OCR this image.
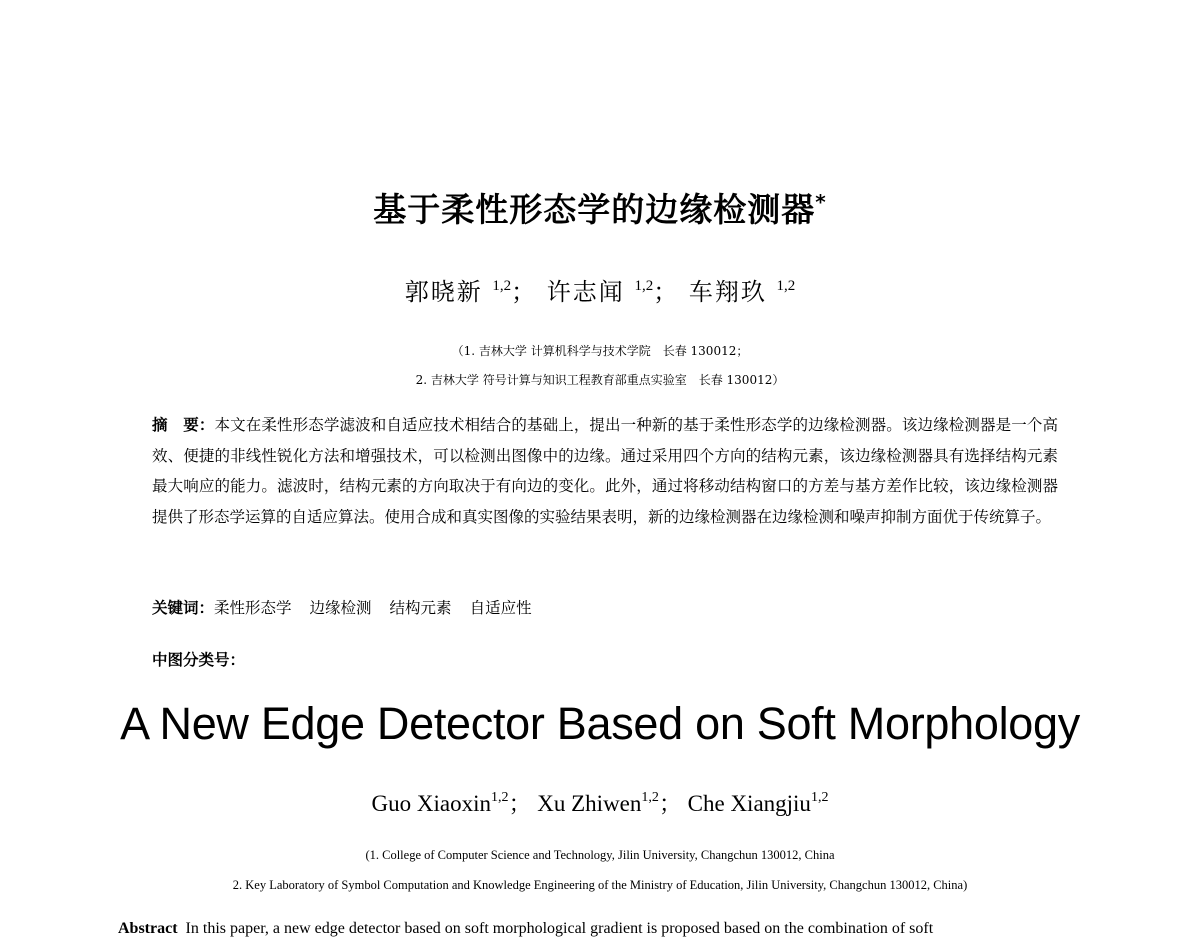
基于柔性形态学的边缘检测器*
郭晓新 $^{1,2}$； 许志闻 $^{1,2}$； 车翔玖 $^{1,2}$
（1. 吉林大学 计算机科学与技术学院　长春 130012；
2. 吉林大学 符号计算与知识工程教育部重点实验室　长春 130012）
摘　要：本文在柔性形态学滤波和自适应技术相结合的基础上，提出一种新的基于柔性形态学的边缘检测器。该边缘检测器是一个高效、便捷的非线性锐化方法和增强技术，可以检测出图像中的边缘。通过采用四个方向的结构元素，该边缘检测器具有选择结构元素最大响应的能力。滤波时，结构元素的方向取决于有向边的变化。此外，通过将移动结构窗口的方差与基方差作比较，该边缘检测器提供了形态学运算的自适应算法。使用合成和真实图像的实验结果表明，新的边缘检测器在边缘检测和噪声抑制方面优于传统算子。
关键词：柔性形态学 边缘检测 结构元素 自适应性
中图分类号：
A New Edge Detector Based on Soft Morphology
Guo Xiaoxin$^{1,2}$； Xu Zhiwen$^{1,2}$； Che Xiangjiu$^{1,2}$
(1. College of Computer Science and Technology, Jilin University, Changchun 130012, China
2. Key Laboratory of Symbol Computation and Knowledge Engineering of the Ministry of Education, Jilin University, Changchun 130012, China)
Abstract In this paper, a new edge detector based on soft morphological gradient is proposed based on the combination of soft
